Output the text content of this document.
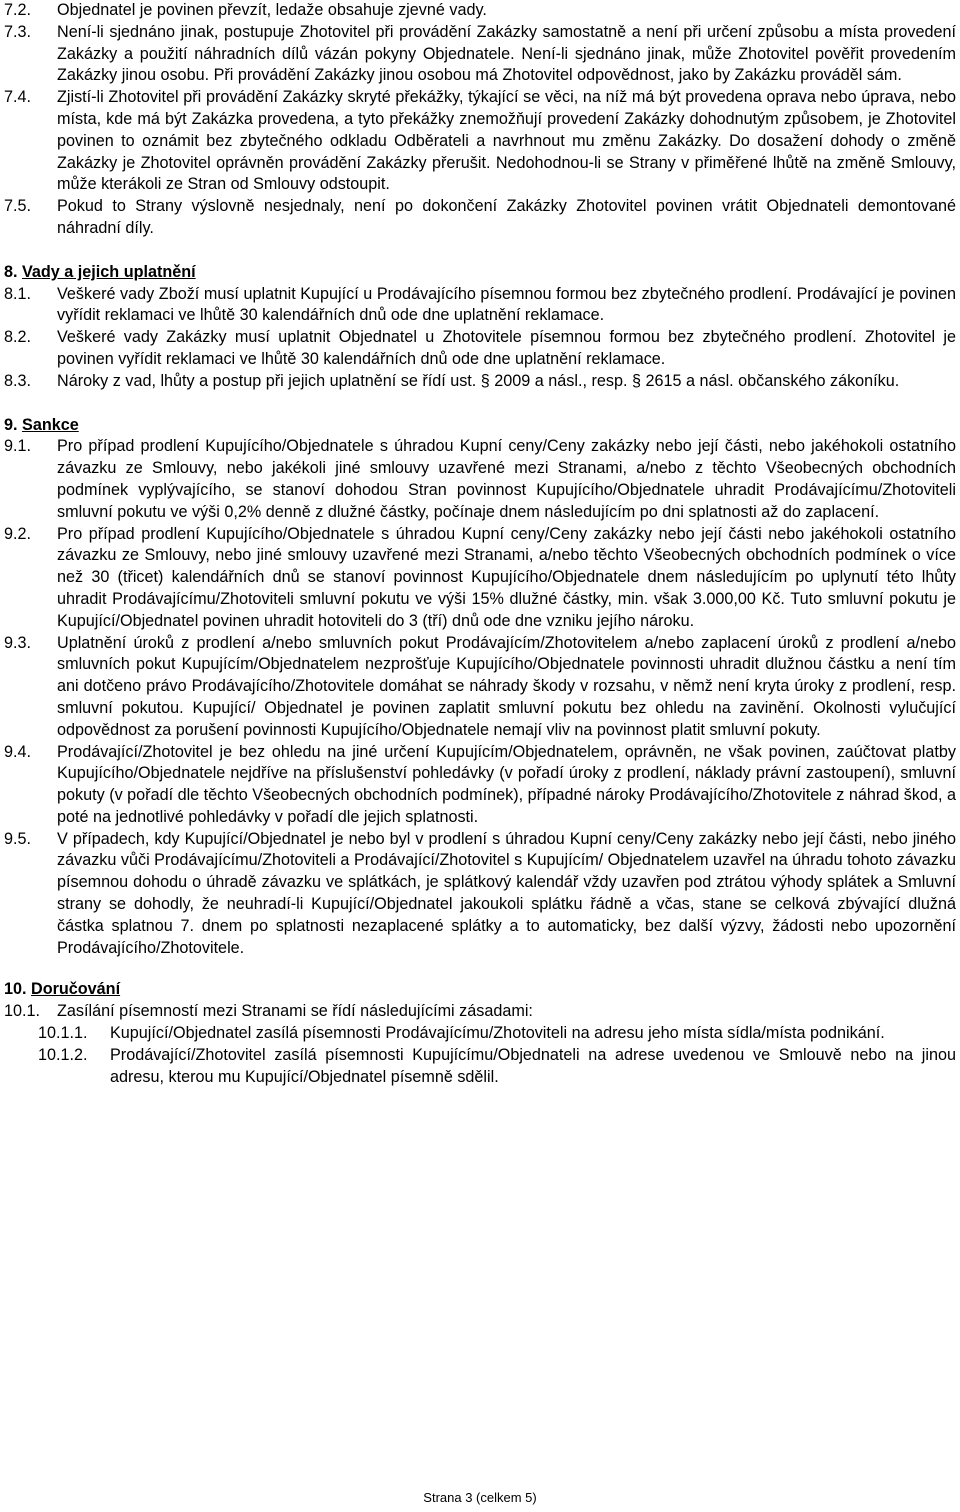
7.2. Objednatel je povinen převzít, ledaže obsahuje zjevné vady.
7.3. Není-li sjednáno jinak, postupuje Zhotovitel při provádění Zakázky samostatně a není při určení způsobu a místa provedení Zakázky a použití náhradních dílů vázán pokyny Objednatele. Není-li sjednáno jinak, může Zhotovitel pověřit provedením Zakázky jinou osobu. Při provádění Zakázky jinou osobou má Zhotovitel odpovědnost, jako by Zakázku prováděl sám.
7.4. Zjistí-li Zhotovitel při provádění Zakázky skryté překážky, týkající se věci, na níž má být provedena oprava nebo úprava, nebo místa, kde má být Zakázka provedena, a tyto překážky znemožňují provedení Zakázky dohodnutým způsobem, je Zhotovitel povinen to oznámit bez zbytečného odkladu Odběrateli a navrhnout mu změnu Zakázky. Do dosažení dohody o změně Zakázky je Zhotovitel oprávněn provádění Zakázky přerušit. Nedohodnou-li se Strany v přiměřené lhůtě na změně Smlouvy, může kterákoli ze Stran od Smlouvy odstoupit.
7.5. Pokud to Strany výslovně nesjednaly, není po dokončení Zakázky Zhotovitel povinen vrátit Objednateli demontované náhradní díly.
8. Vady a jejich uplatnění
8.1. Veškeré vady Zboží musí uplatnit Kupující u Prodávajícího písemnou formou bez zbytečného prodlení. Prodávající je povinen vyřídit reklamaci ve lhůtě 30 kalendářních dnů ode dne uplatnění reklamace.
8.2. Veškeré vady Zakázky musí uplatnit Objednatel u Zhotovitele písemnou formou bez zbytečného prodlení. Zhotovitel je povinen vyřídit reklamaci ve lhůtě 30 kalendářních dnů ode dne uplatnění reklamace.
8.3. Nároky z vad, lhůty a postup při jejich uplatnění se řídí ust. § 2009 a násl., resp. § 2615 a násl. občanského zákoníku.
9. Sankce
9.1. Pro případ prodlení Kupujícího/Objednatele s úhradou Kupní ceny/Ceny zakázky nebo její části, nebo jakéhokoli ostatního závazku ze Smlouvy, nebo jakékoli jiné smlouvy uzavřené mezi Stranami, a/nebo z těchto Všeobecných obchodních podmínek vyplývajícího, se stanoví dohodou Stran povinnost Kupujícího/Objednatele uhradit Prodávajícímu/Zhotoviteli smluvní pokutu ve výši 0,2% denně z dlužné částky, počínaje dnem následujícím po dni splatnosti až do zaplacení.
9.2. Pro případ prodlení Kupujícího/Objednatele s úhradou Kupní ceny/Ceny zakázky nebo její části nebo jakéhokoli ostatního závazku ze Smlouvy, nebo jiné smlouvy uzavřené mezi Stranami, a/nebo těchto Všeobecných obchodních podmínek o více než 30 (třicet) kalendářních dnů se stanoví povinnost Kupujícího/Objednatele dnem následujícím po uplynutí této lhůty uhradit Prodávajícímu/Zhotoviteli smluvní pokutu ve výši 15% dlužné částky, min. však 3.000,00 Kč. Tuto smluvní pokutu je Kupující/Objednatel povinen uhradit hotoviteli do 3 (tří) dnů ode dne vzniku jejího nároku.
9.3. Uplatnění úroků z prodlení a/nebo smluvních pokut Prodávajícím/Zhotovitelem a/nebo zaplacení úroků z prodlení a/nebo smluvních pokut Kupujícím/Objednatelem nezprošťuje Kupujícího/Objednatele povinnosti uhradit dlužnou částku a není tím ani dotčeno právo Prodávajícího/Zhotovitele domáhat se náhrady škody v rozsahu, v němž není kryta úroky z prodlení, resp. smluvní pokutou. Kupující/ Objednatel je povinen zaplatit smluvní pokutu bez ohledu na zavinění. Okolnosti vylučující odpovědnost za porušení povinnosti Kupujícího/Objednatele nemají vliv na povinnost platit smluvní pokuty.
9.4. Prodávající/Zhotovitel je bez ohledu na jiné určení Kupujícím/Objednatelem, oprávněn, ne však povinen, zaúčtovat platby Kupujícího/Objednatele nejdříve na příslušenství pohledávky (v pořadí úroky z prodlení, náklady právní zastoupení), smluvní pokuty (v pořadí dle těchto Všeobecných obchodních podmínek), případné nároky Prodávajícího/Zhotovitele z náhrad škod, a poté na jednotlivé pohledávky v pořadí dle jejich splatnosti.
9.5. V případech, kdy Kupující/Objednatel je nebo byl v prodlení s úhradou Kupní ceny/Ceny zakázky nebo její části, nebo jiného závazku vůči Prodávajícímu/Zhotoviteli a Prodávající/Zhotovitel s Kupujícím/ Objednatelem uzavřel na úhradu tohoto závazku písemnou dohodu o úhradě závazku ve splátkách, je splátkový kalendář vždy uzavřen pod ztrátou výhody splátek a Smluvní strany se dohodly, že neuhradí-li Kupující/Objednatel jakoukoli splátku řádně a včas, stane se celková zbývající dlužná částka splatnou 7. dnem po splatnosti nezaplacené splátky a to automaticky, bez další výzvy, žádosti nebo upozornění Prodávajícího/Zhotovitele.
10. Doručování
10.1. Zasílání písemností mezi Stranami se řídí následujícími zásadami:
10.1.1. Kupující/Objednatel zasílá písemnosti Prodávajícímu/Zhotoviteli na adresu jeho místa sídla/místa podnikání.
10.1.2. Prodávající/Zhotovitel zasílá písemnosti Kupujícímu/Objednateli na adrese uvedenou ve Smlouvě nebo na jinou adresu, kterou mu Kupující/Objednatel písemně sdělil.
Strana 3 (celkem 5)
